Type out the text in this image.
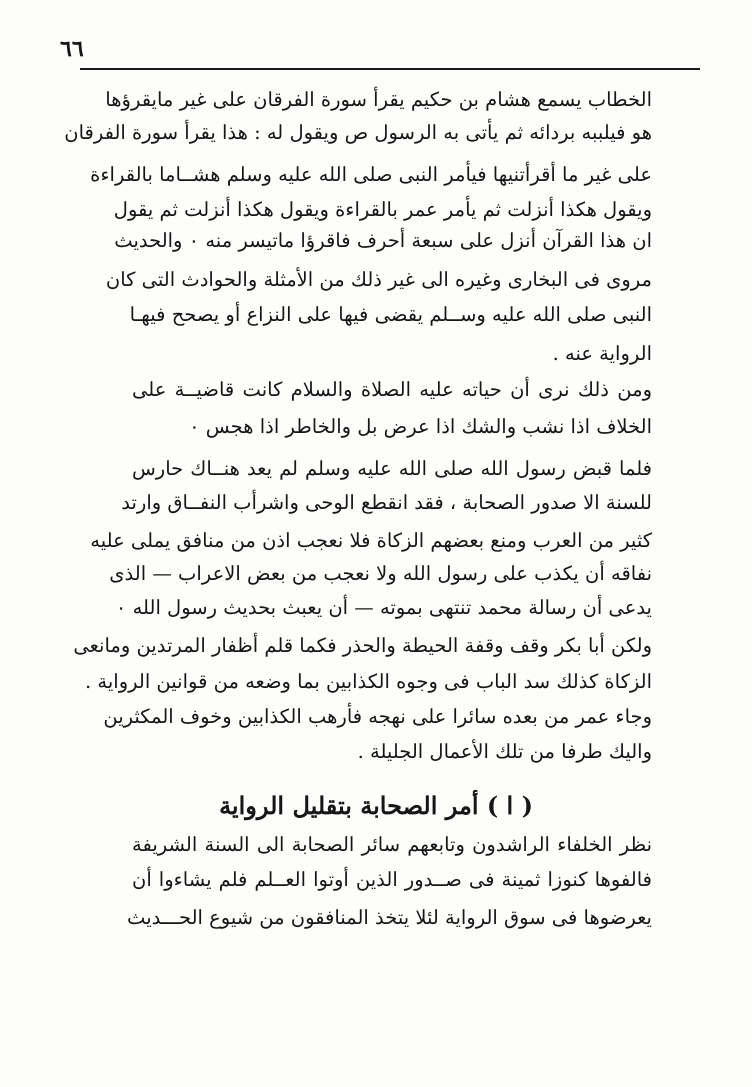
٦٦
الخطاب يسمع هشام بن حكيم يقرأ سورة الفرقان على غير مايقرؤها
هو فيلببه بردائه ثم يأتى به الرسول ص ويقول له : هذا يقرأ سورة الفرقان
على غير ما أقرأتنيها فيأمر النبى صلى الله عليه وسلم هشــاما بالقراءة
ويقول هكذا أنزلت ثم يأمر عمر بالقراءة ويقول هكذا أنزلت ثم يقول
ان هذا القرآن أنزل على سبعة أحرف فاقرؤا ماتيسر منه ٠ والحديث
مروى فى البخارى وغيره الى غير ذلك من الأمثلة والحوادث التى كان
النبى صلى الله عليه وســلم يقضى فيها على النزاع أو يصحح فيهـا
الرواية عنه .
ومن ذلك نرى أن حياته عليه الصلاة والسلام كانت قاضيــة على
الخلاف اذا نشب والشك اذا عرض بل والخاطر اذا هجس ٠
فلما قبض رسول الله صلى الله عليه وسلم لم يعد هنــاك حارس
للسنة الا صدور الصحابة ، فقد انقطع الوحى واشرأب النفــاق وارتد
كثير من العرب ومنع بعضهم الزكاة فلا نعجب اذن من منافق يملى عليه
نفاقه أن يكذب على رسول الله ولا نعجب من بعض الاعراب — الذى
يدعى أن رسالة محمد تنتهى بموته — أن يعبث بحديث رسول الله ٠
ولكن أبا بكر وقف وقفة الحيطة والحذر فكما قلم أظفار المرتدين ومانعى
الزكاة كذلك سد الباب فى وجوه الكذابين بما وضعه من قوانين الرواية .
وجاء عمر من بعده سائرا على نهجه فأرهب الكذابين وخوف المكثرين
واليك طرفا من تلك الأعمال الجليلة .
( ا ) أمر الصحابة بتقليل الرواية
نظر الخلفاء الراشدون وتابعهم سائر الصحابة الى السنة الشريفة
فالفوها كنوزا ثمينة فى صــدور الذين أوتوا العــلم فلم يشاءوا أن
يعرضوها فى سوق الرواية لئلا يتخذ المنافقون من شيوع الحـــديث
